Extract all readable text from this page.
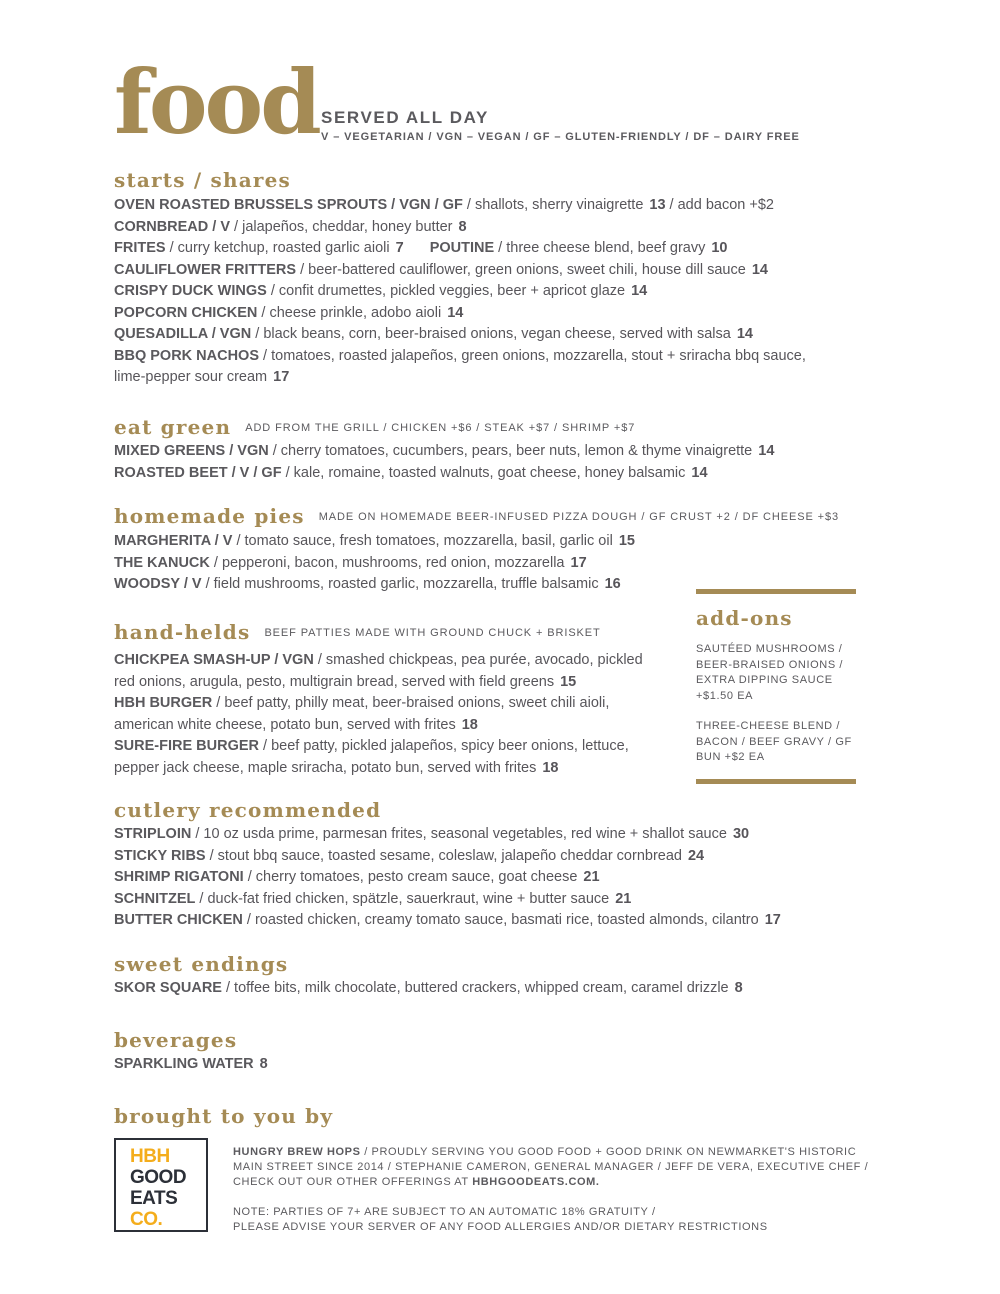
food SERVED ALL DAY
V – VEGETARIAN / VGN – VEGAN / GF – GLUTEN-FRIENDLY / DF – DAIRY FREE
starts / shares
OVEN ROASTED BRUSSELS SPROUTS / VGN / GF / shallots, sherry vinaigrette 13 / add bacon +$2
CORNBREAD / V / jalapeños, cheddar, honey butter 8
FRITES / curry ketchup, roasted garlic aioli 7 POUTINE / three cheese blend, beef gravy 10
CAULIFLOWER FRITTERS / beer-battered cauliflower, green onions, sweet chili, house dill sauce 14
CRISPY DUCK WINGS / confit drumettes, pickled veggies, beer + apricot glaze 14
POPCORN CHICKEN / cheese prinkle, adobo aioli 14
QUESADILLA / VGN / black beans, corn, beer-braised onions, vegan cheese, served with salsa 14
BBQ PORK NACHOS / tomatoes, roasted jalapeños, green onions, mozzarella, stout + sriracha bbq sauce, lime-pepper sour cream 17
eat green ADD FROM THE GRILL / CHICKEN +$6 / STEAK +$7 / SHRIMP +$7
MIXED GREENS / VGN / cherry tomatoes, cucumbers, pears, beer nuts, lemon & thyme vinaigrette 14
ROASTED BEET / V / GF / kale, romaine, toasted walnuts, goat cheese, honey balsamic 14
homemade pies MADE ON HOMEMADE BEER-INFUSED PIZZA DOUGH / GF CRUST +2 / DF CHEESE +$3
MARGHERITA / V / tomato sauce, fresh tomatoes, mozzarella, basil, garlic oil 15
THE KANUCK / pepperoni, bacon, mushrooms, red onion, mozzarella 17
WOODSY / V / field mushrooms, roasted garlic, mozzarella, truffle balsamic 16
hand-helds BEEF PATTIES MADE WITH GROUND CHUCK + BRISKET
CHICKPEA SMASH-UP / VGN / smashed chickpeas, pea purée, avocado, pickled red onions, arugula, pesto, multigrain bread, served with field greens 15
HBH BURGER / beef patty, philly meat, beer-braised onions, sweet chili aioli, american white cheese, potato bun, served with frites 18
SURE-FIRE BURGER / beef patty, pickled jalapeños, spicy beer onions, lettuce, pepper jack cheese, maple sriracha, potato bun, served with frites 18
add-ons

SAUTÉED MUSHROOMS / BEER-BRAISED ONIONS / EXTRA DIPPING SAUCE +$1.50 EA

THREE-CHEESE BLEND / BACON / BEEF GRAVY / GF BUN +$2 EA

cutlery recommended
STRIPLOIN / 10 oz usda prime, parmesan frites, seasonal vegetables, red wine + shallot sauce 30
STICKY RIBS / stout bbq sauce, toasted sesame, coleslaw, jalapeño cheddar cornbread 24
SHRIMP RIGATONI / cherry tomatoes, pesto cream sauce, goat cheese 21
SCHNITZEL / duck-fat fried chicken, spätzle, sauerkraut, wine + butter sauce 21
BUTTER CHICKEN / roasted chicken, creamy tomato sauce, basmati rice, toasted almonds, cilantro 17
sweet endings
SKOR SQUARE / toffee bits, milk chocolate, buttered crackers, whipped cream, caramel drizzle 8
beverages
SPARKLING WATER 8
brought to you by
HBH
GOOD
EATS
CO.
HUNGRY BREW HOPS / PROUDLY SERVING YOU GOOD FOOD + GOOD DRINK ON NEWMARKET'S HISTORIC MAIN STREET SINCE 2014 / STEPHANIE CAMERON, GENERAL MANAGER / JEFF DE VERA, EXECUTIVE CHEF / CHECK OUT OUR OTHER OFFERINGS AT HBHGOODEATS.COM.
NOTE: PARTIES OF 7+ ARE SUBJECT TO AN AUTOMATIC 18% GRATUITY /
PLEASE ADVISE YOUR SERVER OF ANY FOOD ALLERGIES AND/OR DIETARY RESTRICTIONS
